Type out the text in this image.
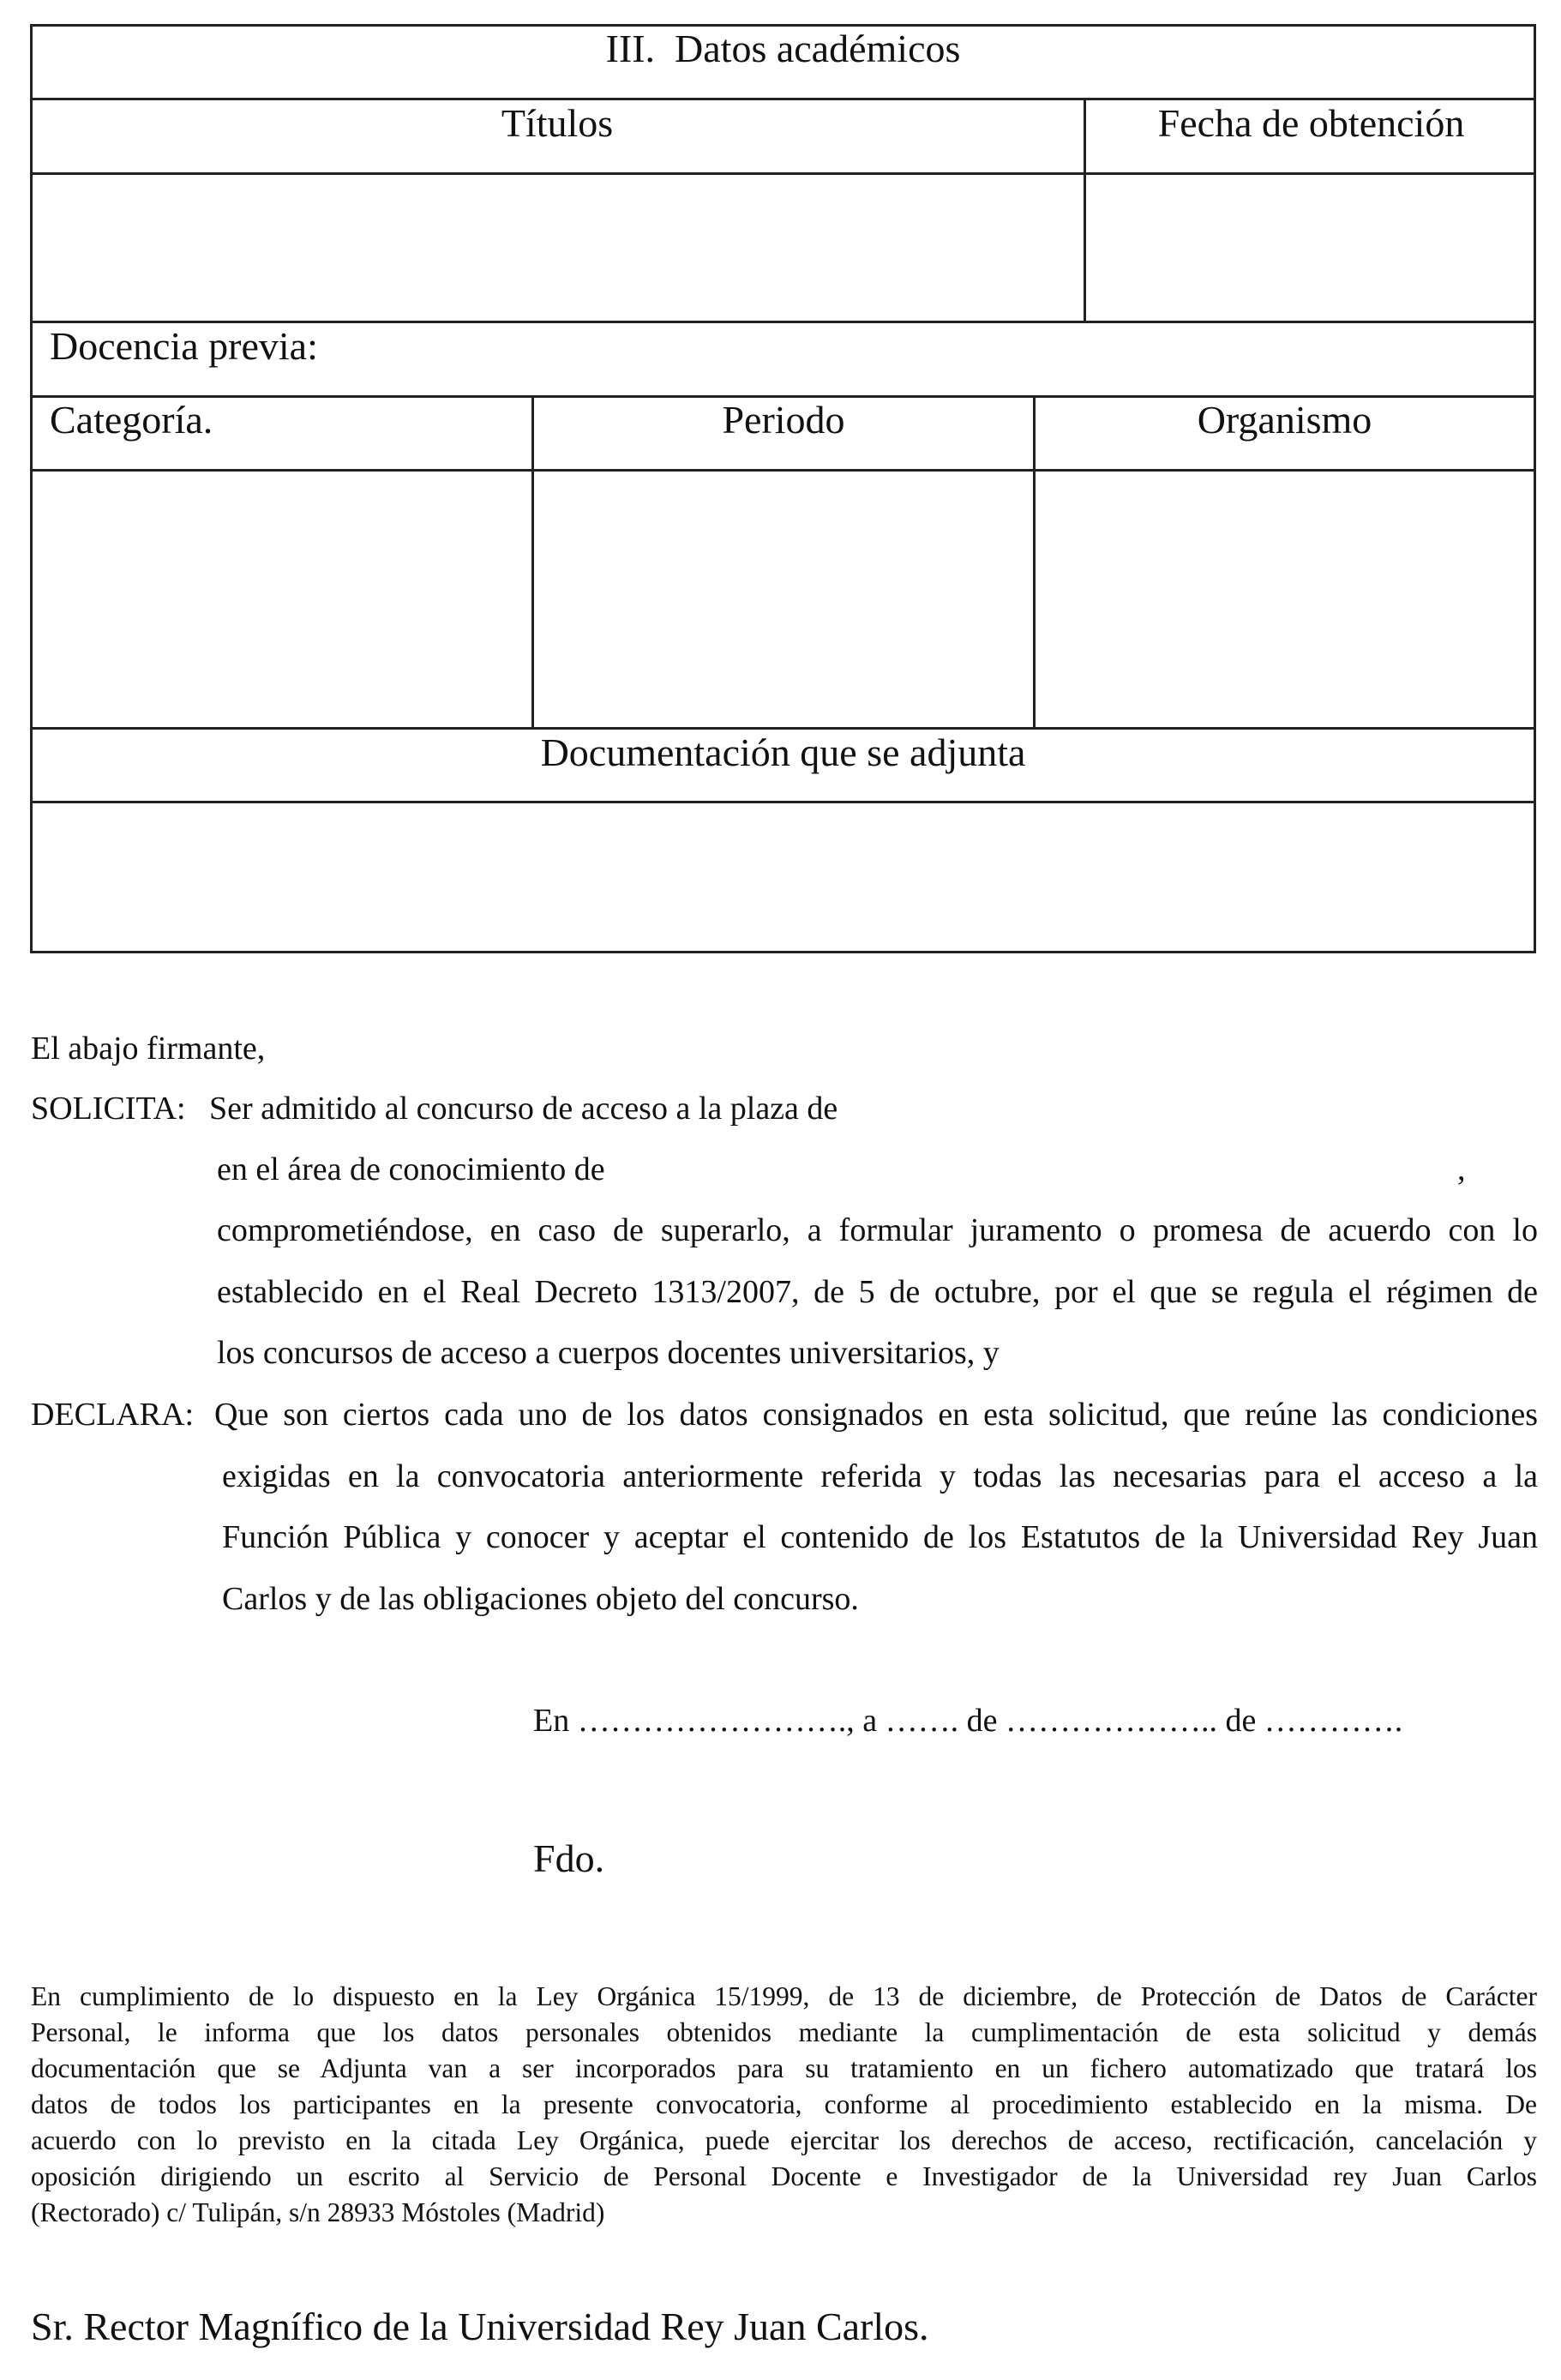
III.  Datos académicos
Títulos	Fecha de obtención
Docencia previa:
Categoría.	Periodo	Organismo
Documentación que se adjunta
El abajo firmante,
SOLICITA: Ser admitido al concurso de acceso a la plaza de
en el área de conocimiento de	,
comprometiéndose, en caso de superarlo, a formular juramento o promesa de acuerdo con lo
establecido en el Real Decreto 1313/2007, de 5 de octubre, por el que se regula el régimen de
los concursos de acceso a cuerpos docentes universitarios, y
DECLARA: Que son ciertos cada uno de los datos consignados en esta solicitud, que reúne las condiciones
exigidas en la convocatoria anteriormente referida y todas las necesarias para el acceso a la
Función Pública y conocer y aceptar el contenido de los Estatutos de la Universidad Rey Juan
Carlos y de las obligaciones objeto del concurso.
En ……………………., a ……. de ……………….. de ………….
Fdo.
En cumplimiento de lo dispuesto en la Ley Orgánica 15/1999, de 13 de diciembre, de Protección de Datos de Carácter
Personal, le informa que los datos personales obtenidos mediante la cumplimentación de esta solicitud y demás
documentación que se Adjunta van a ser incorporados para su tratamiento en un fichero automatizado que tratará los
datos de todos los participantes en la presente convocatoria, conforme al procedimiento establecido en la misma. De
acuerdo con lo previsto en la citada Ley Orgánica, puede ejercitar los derechos de acceso, rectificación, cancelación y
oposición dirigiendo un escrito al Servicio de Personal Docente e Investigador de la Universidad rey Juan Carlos
(Rectorado) c/ Tulipán, s/n 28933 Móstoles (Madrid)
Sr. Rector Magnífico de la Universidad Rey Juan Carlos.
